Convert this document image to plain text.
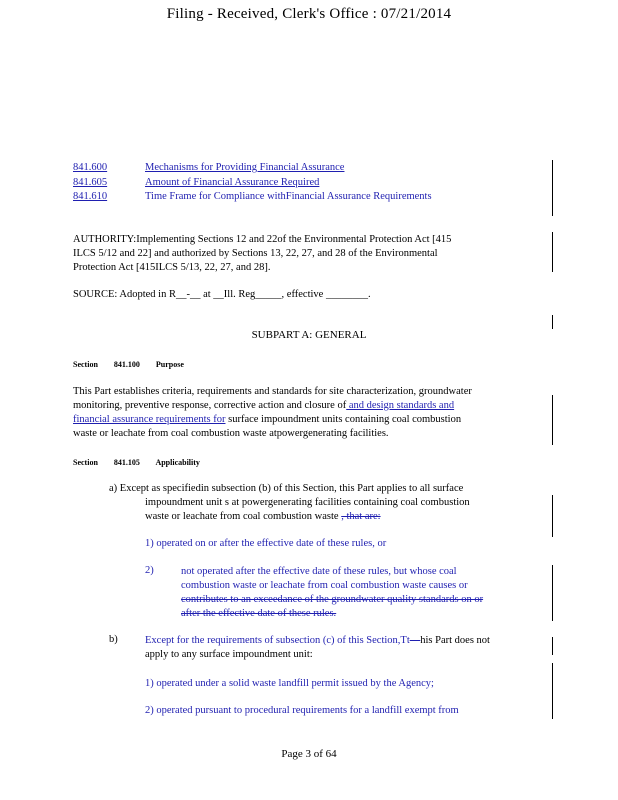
Filing - Received, Clerk's Office : 07/21/2014
841.600	Mechanisms for Providing Financial Assurance
841.605	Amount of Financial Assurance Required
841.610	Time Frame for Compliance withFinancial Assurance Requirements
AUTHORITY:Implementing Sections 12 and 22of the Environmental Protection Act [415
ILCS 5/12 and 22] and authorized by Sections 13, 22, 27, and 28 of the Environmental
Protection Act [415ILCS 5/13, 22, 27, and 28].
SOURCE: Adopted in R__-__ at __Ill. Reg_____, effective ________.
SUBPART A: GENERAL
Section 841.100 Purpose
This Part establishes criteria, requirements and standards for site characterization, groundwater
monitoring, preventive response, corrective action and closure of and design standards and
financial assurance requirements for surface impoundment units containing coal combustion
waste or leachate from coal combustion waste atpowergenerating facilities.
Section 841.105 Applicability
a) Except as specifiedin subsection (b) of this Section, this Part applies to all surface
impoundment unit s at powergenerating facilities containing coal combustion
waste or leachate from coal combustion waste , that are:
1) operated on or after the effective date of these rules, or
2)	not operated after the effective date of these rules, but whose coal
combustion waste or leachate from coal combustion waste causes or
contributes to an exceedance of the groundwater quality standards on or
after the effective date of these rules.
b)	Except for the requirements of subsection (c) of this Section,Tt—his Part does not
apply to any surface impoundment unit:
1) operated under a solid waste landfill permit issued by the Agency;
2) operated pursuant to procedural requirements for a landfill exempt from
Page 3 of 64
